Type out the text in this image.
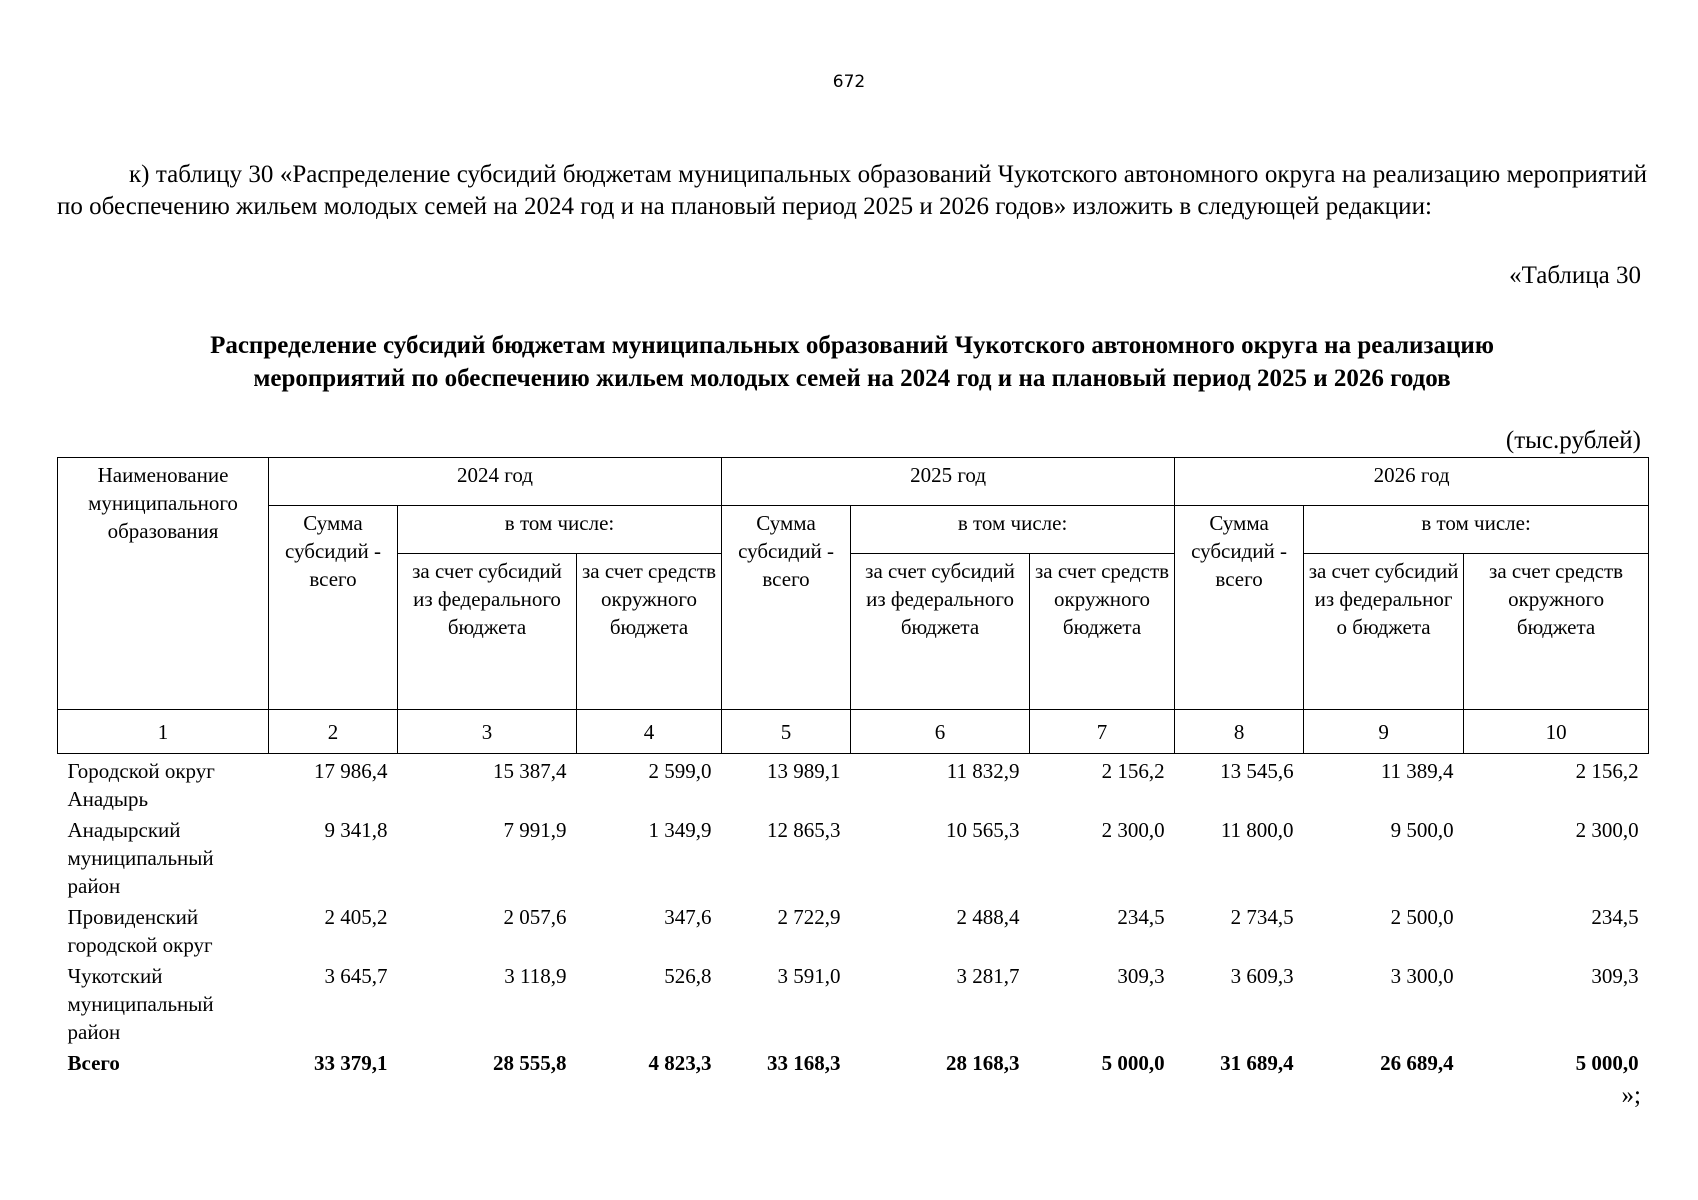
672

к) таблицу 30 «Распределение субсидий бюджетам муниципальных образований Чукотского автономного округа на реализацию мероприятий по обеспечению жильем молодых семей на 2024 год и на плановый период 2025 и 2026 годов» изложить в следующей редакции:

«Таблица 30
Распределение субсидий бюджетам муниципальных образований Чукотского автономного округа на реализацию
мероприятий по обеспечению жильем молодых семей на 2024 год и на плановый период 2025 и 2026 годов
(тыс.рублей)
Наименование муниципального образования	2024 год			2025 год			2026 год		
	Сумма субсидий - всего	в том числе:		Сумма субсидий - всего	в том числе:		Сумма субсидий - всего	в том числе:	
		за счет субсидий из федерального бюджета	за счет средств окружного бюджета		за счет субсидий из федерального бюджета	за счет средств окружного бюджета		за счет субсидий из федеральног о бюджета	за счет средств окружного бюджета
1	2	3	4	5	6	7	8	9	10
Городской округ Анадырь	17 986,4	15 387,4	2 599,0	13 989,1	11 832,9	2 156,2	13 545,6	11 389,4	2 156,2
Анадырский муниципальный район	9 341,8	7 991,9	1 349,9	12 865,3	10 565,3	2 300,0	11 800,0	9 500,0	2 300,0
Провиденский городской округ	2 405,2	2 057,6	347,6	2 722,9	2 488,4	234,5	2 734,5	2 500,0	234,5
Чукотский муниципальный район	3 645,7	3 118,9	526,8	3 591,0	3 281,7	309,3	3 609,3	3 300,0	309,3
Всего	33 379,1	28 555,8	4 823,3	33 168,3	28 168,3	5 000,0	31 689,4	26 689,4	5 000,0
»;
